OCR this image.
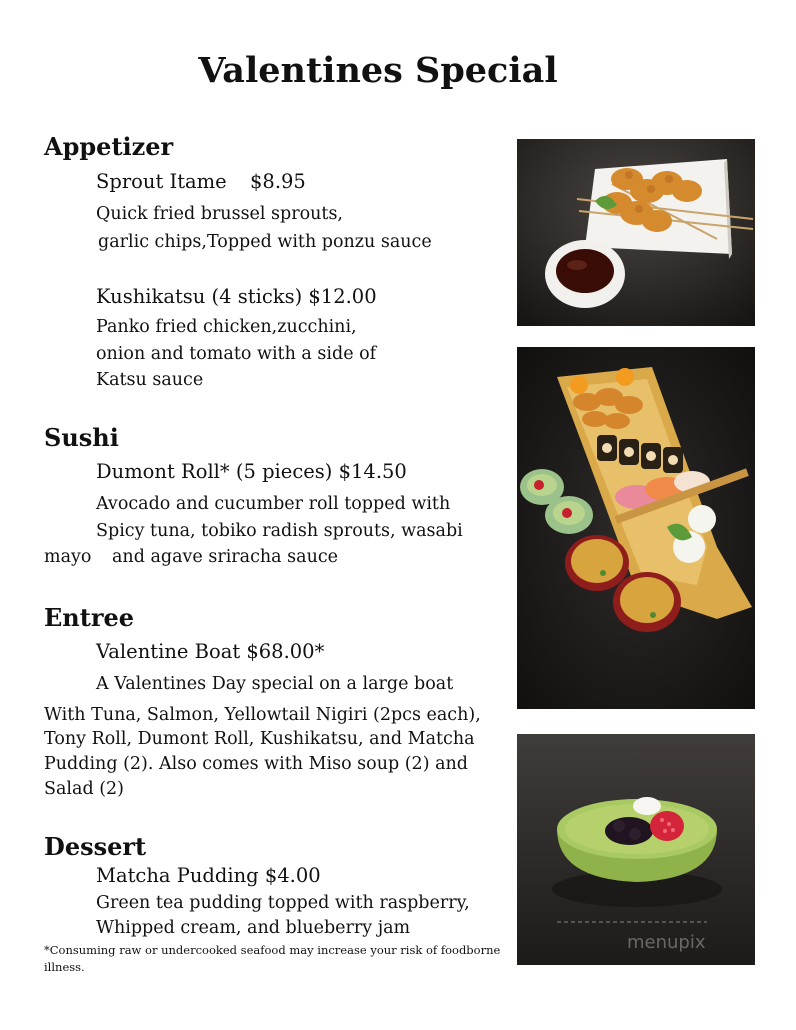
Valentines Special
Appetizer
Sprout Itame $8.95
Quick fried brussel sprouts,
garlic chips,Topped with ponzu sauce
Kushikatsu (4 sticks) $12.00
Panko fried chicken,zucchini,
onion and tomato with a side of
Katsu sauce
Sushi
Dumont Roll* (5 pieces) $14.50
Avocado and cucumber roll topped with
Spicy tuna, tobiko radish sprouts, wasabi
mayo and agave sriracha sauce
Entree
Valentine Boat $68.00*
A Valentines Day special on a large boat
With Tuna, Salmon, Yellowtail Nigiri (2pcs each),
Tony Roll, Dumont Roll, Kushikatsu, and Matcha
Pudding (2). Also comes with Miso soup (2) and
Salad (2)
Dessert
Matcha Pudding $4.00
Green tea pudding topped with raspberry,
Whipped cream, and blueberry jam
*Consuming raw or undercooked seafood may increase your risk of foodborne
illness.
menupix
